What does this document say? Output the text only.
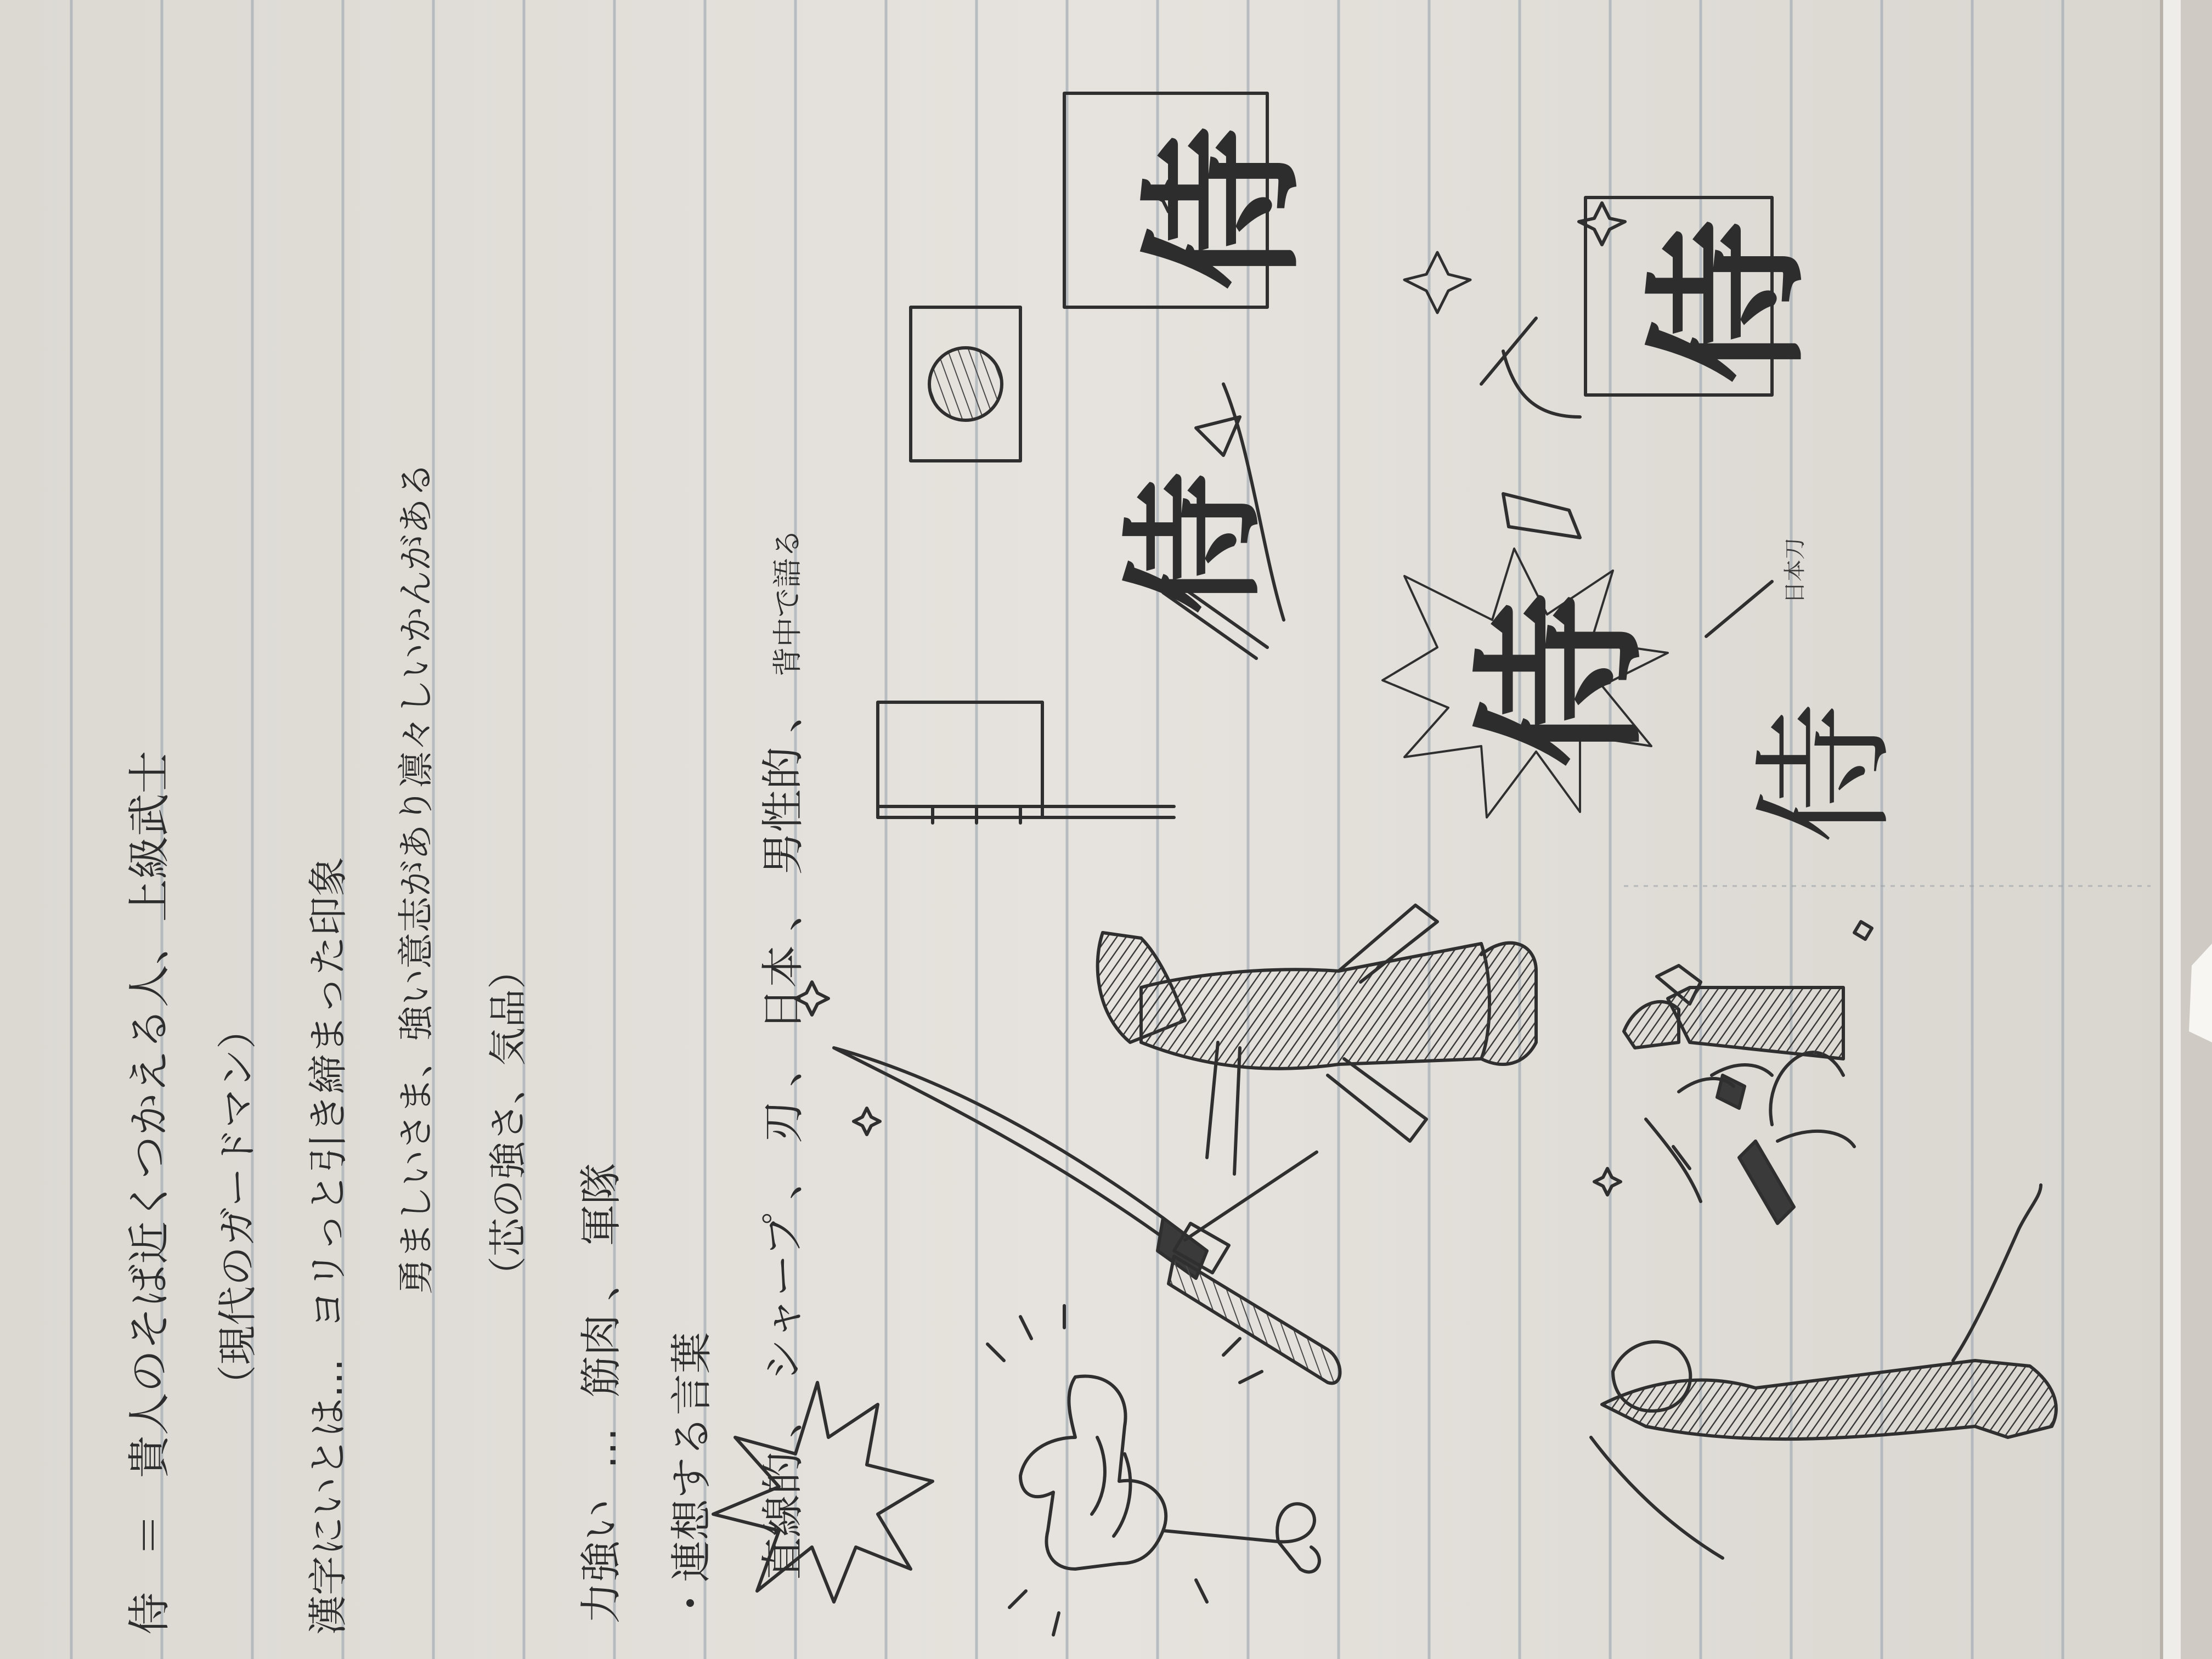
侍 ＝ 貴人のそば近くつかえる人、上級武士 （現代のガードマン）
漢字にいとは… ヨリっと引き締まった印象 勇ましいさま、強い意志があり凛々しいかんがある （芯の強さ、気品）
力強い … 筋肉 、 軍隊
・連想する言葉 直線的 、 シャープ 、 刃 、 日本 、 男性的 、 背中で語る
侍
侍
侍
侍
侍
日本刀
